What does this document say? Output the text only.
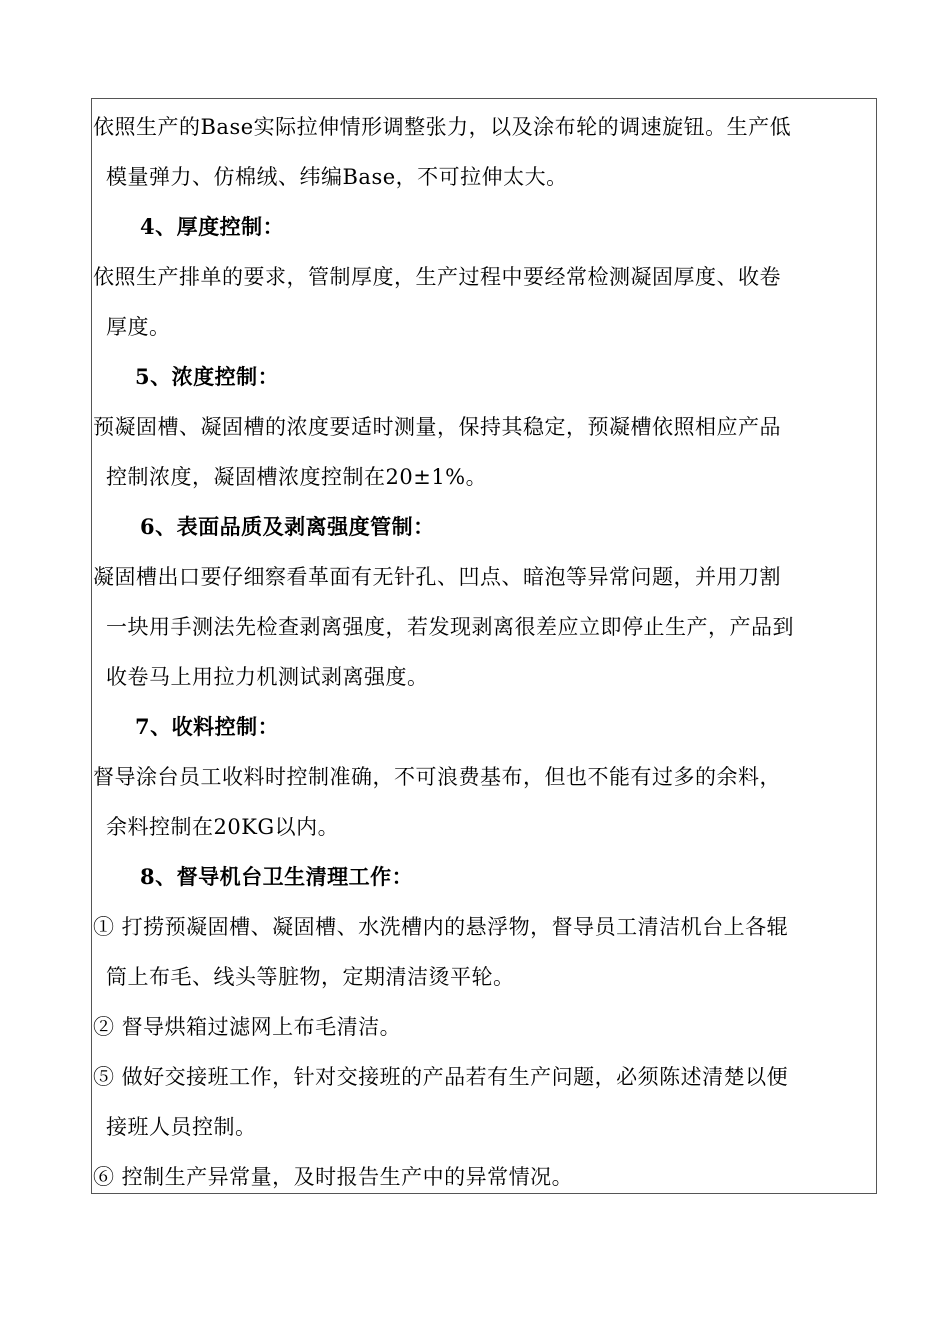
依照生产的Base实际拉伸情形调整张力，以及涂布轮的调速旋钮。生产低
模量弹力、仿棉绒、纬编Base，不可拉伸太大。
4、厚度控制：
依照生产排单的要求，管制厚度，生产过程中要经常检测凝固厚度、收卷
厚度。
5、浓度控制：
预凝固槽、凝固槽的浓度要适时测量，保持其稳定，预凝槽依照相应产品
控制浓度，凝固槽浓度控制在20±1%。
6、表面品质及剥离强度管制：
凝固槽出口要仔细察看革面有无针孔、凹点、暗泡等异常问题，并用刀割
一块用手测法先检查剥离强度，若发现剥离很差应立即停止生产，产品到
收卷马上用拉力机测试剥离强度。
7、收料控制：
督导涂台员工收料时控制准确，不可浪费基布，但也不能有过多的余料，
余料控制在20KG以内。
8、督导机台卫生清理工作：
① 打捞预凝固槽、凝固槽、水洗槽内的悬浮物，督导员工清洁机台上各辊
筒上布毛、线头等脏物，定期清洁烫平轮。
② 督导烘箱过滤网上布毛清洁。
⑤ 做好交接班工作，针对交接班的产品若有生产问题，必须陈述清楚以便
接班人员控制。
⑥ 控制生产异常量，及时报告生产中的异常情况。
